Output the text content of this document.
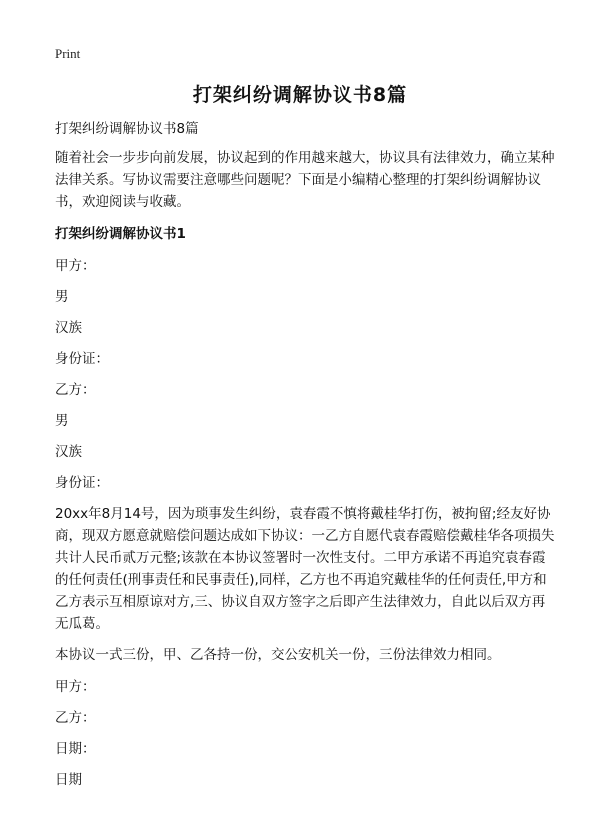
Print
打架纠纷调解协议书8篇

打架纠纷调解协议书8篇

随着社会一步步向前发展，协议起到的作用越来越大，协议具有法律效力，确立某种法律关系。写协议需要注意哪些问题呢？下面是小编精心整理的打架纠纷调解协议书，欢迎阅读与收藏。

打架纠纷调解协议书1

甲方：

男

汉族

身份证：

乙方：

男

汉族

身份证：

20xx年8月14号，因为琐事发生纠纷，袁春霞不慎将戴桂华打伤，被拘留;经友好协商，现双方愿意就赔偿问题达成如下协议：一乙方自愿代袁春霞赔偿戴桂华各项损失共计人民币贰万元整;该款在本协议签署时一次性支付。二甲方承诺不再追究袁春霞的任何责任(刑事责任和民事责任),同样，乙方也不再追究戴桂华的任何责任,甲方和乙方表示互相原谅对方,三、协议自双方签字之后即产生法律效力，自此以后双方再无瓜葛。

本协议一式三份，甲、乙各持一份，交公安机关一份，三份法律效力相同。

甲方：

乙方：

日期：

日期
